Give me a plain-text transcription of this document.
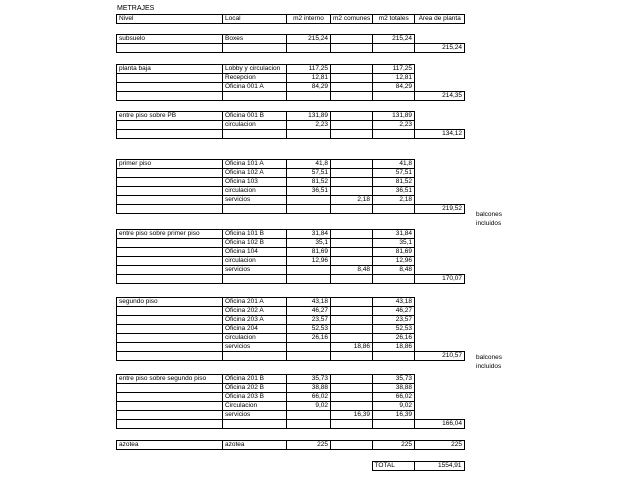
METRAJES
Nivel	Local	m2 interno	m2 comunes	m2 totales	Area de planta
subsuelo	Boxes	215,24		215,24	
					215,24
planta baja	Lobby y circulacion	117,25		117,25	
	Recepcion	12,81		12,81	
	Oficina 001 A	84,29		84,29	
					214,35
entre piso sobre PB	Oficina 001 B	131,89		131,89	
	circulacion	2,23		2,23	
					134,12
primer piso	Oficina 101 A	41,8		41,8	
	Oficina 102 A	57,51		57,51	
	Oficina 103	81,52		81,52	
	circulacion	36,51		36,51	
	servicios		2,18	2,18	
					219,52
balcones incluidos
entre piso sobre primer piso	Oficina 101 B	31,84		31,84	
	Oficina 102 B	35,1		35,1	
	Oficina 104	81,69		81,69	
	circulacion	12,96		12,96	
	servicios		8,48	8,48	
					170,07
segundo piso	Oficina 201 A	43,18		43,18	
	Oficina 202 A	46,27		46,27	
	Oficina 203 A	23,57		23,57	
	Oficina 204	52,53		52,53	
	circulacion	26,16		26,16	
	servicios		18,86	18,86	
					210,57 balcones incluidos
entre piso sobre segundo piso	Oficina 201 B	35,73		35,73	
	Oficina 202 B	38,88		38,88	
	Oficina 203 B	66,02		66,02	
	Circulacion	9,02		9,02	
	servicios		16,39	16,39	
					166,04
azotea	azotea	225		225	225
				TOTAL	1554,91
